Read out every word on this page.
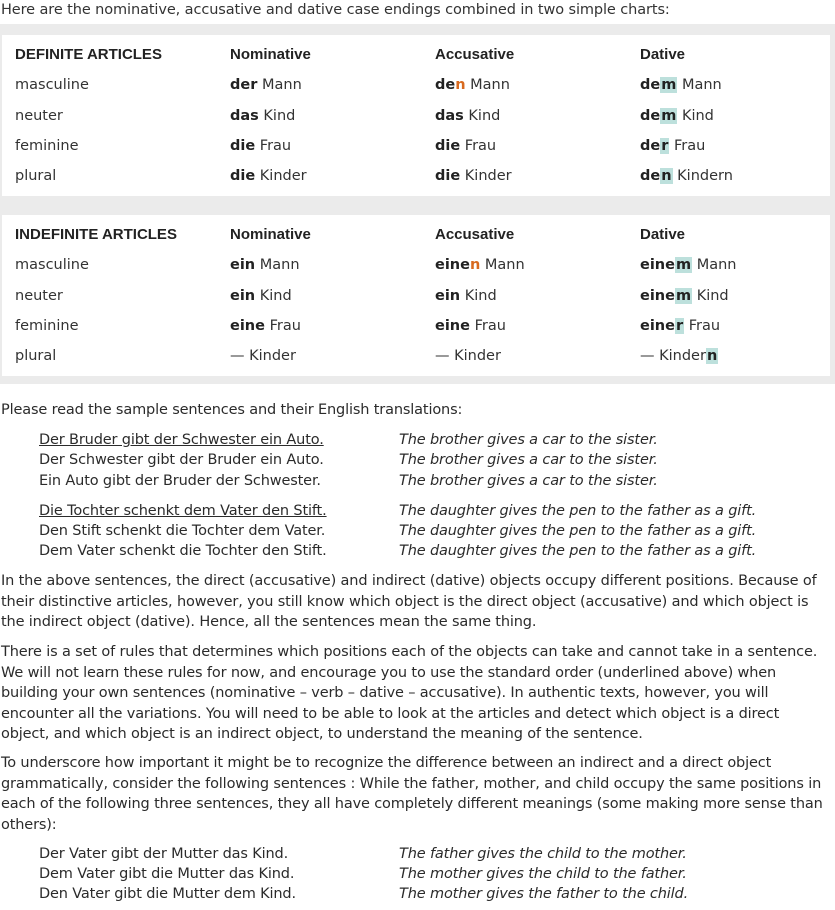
Here are the nominative, accusative and dative case endings combined in two simple charts:
DEFINITE ARTICLES	Nominative	Accusative	Dative
masculine	der Mann	den Mann	dem Mann
neuter	das Kind	das Kind	dem Kind
feminine	die Frau	die Frau	der Frau
plural	die Kinder	die Kinder	den Kindern
INDEFINITE ARTICLES	Nominative	Accusative	Dative
masculine	ein Mann	einen Mann	einem Mann
neuter	ein Kind	ein Kind	einem Kind
feminine	eine Frau	eine Frau	einer Frau
plural	— Kinder	— Kinder	— Kindern
Please read the sample sentences and their English translations:
Der Bruder gibt der Schwester ein Auto.	The brother gives a car to the sister.
Der Schwester gibt der Bruder ein Auto.	The brother gives a car to the sister.
Ein Auto gibt der Bruder der Schwester.	The brother gives a car to the sister.
Die Tochter schenkt dem Vater den Stift.	The daughter gives the pen to the father as a gift.
Den Stift schenkt die Tochter dem Vater.	The daughter gives the pen to the father as a gift.
Dem Vater schenkt die Tochter den Stift.	The daughter gives the pen to the father as a gift.
In the above sentences, the direct (accusative) and indirect (dative) objects occupy different positions. Because of their distinctive articles, however, you still know which object is the direct object (accusative) and which object is the indirect object (dative). Hence, all the sentences mean the same thing.
There is a set of rules that determines which positions each of the objects can take and cannot take in a sentence. We will not learn these rules for now, and encourage you to use the standard order (underlined above) when building your own sentences (nominative – verb – dative – accusative). In authentic texts, however, you will encounter all the variations. You will need to be able to look at the articles and detect which object is a direct object, and which object is an indirect object, to understand the meaning of the sentence.
To underscore how important it might be to recognize the difference between an indirect and a direct object grammatically, consider the following sentences : While the father, mother, and child occupy the same positions in each of the following three sentences, they all have completely different meanings (some making more sense than others):
Der Vater gibt der Mutter das Kind.	The father gives the child to the mother.
Dem Vater gibt die Mutter das Kind.	The mother gives the child to the father.
Den Vater gibt die Mutter dem Kind.	The mother gives the father to the child.
